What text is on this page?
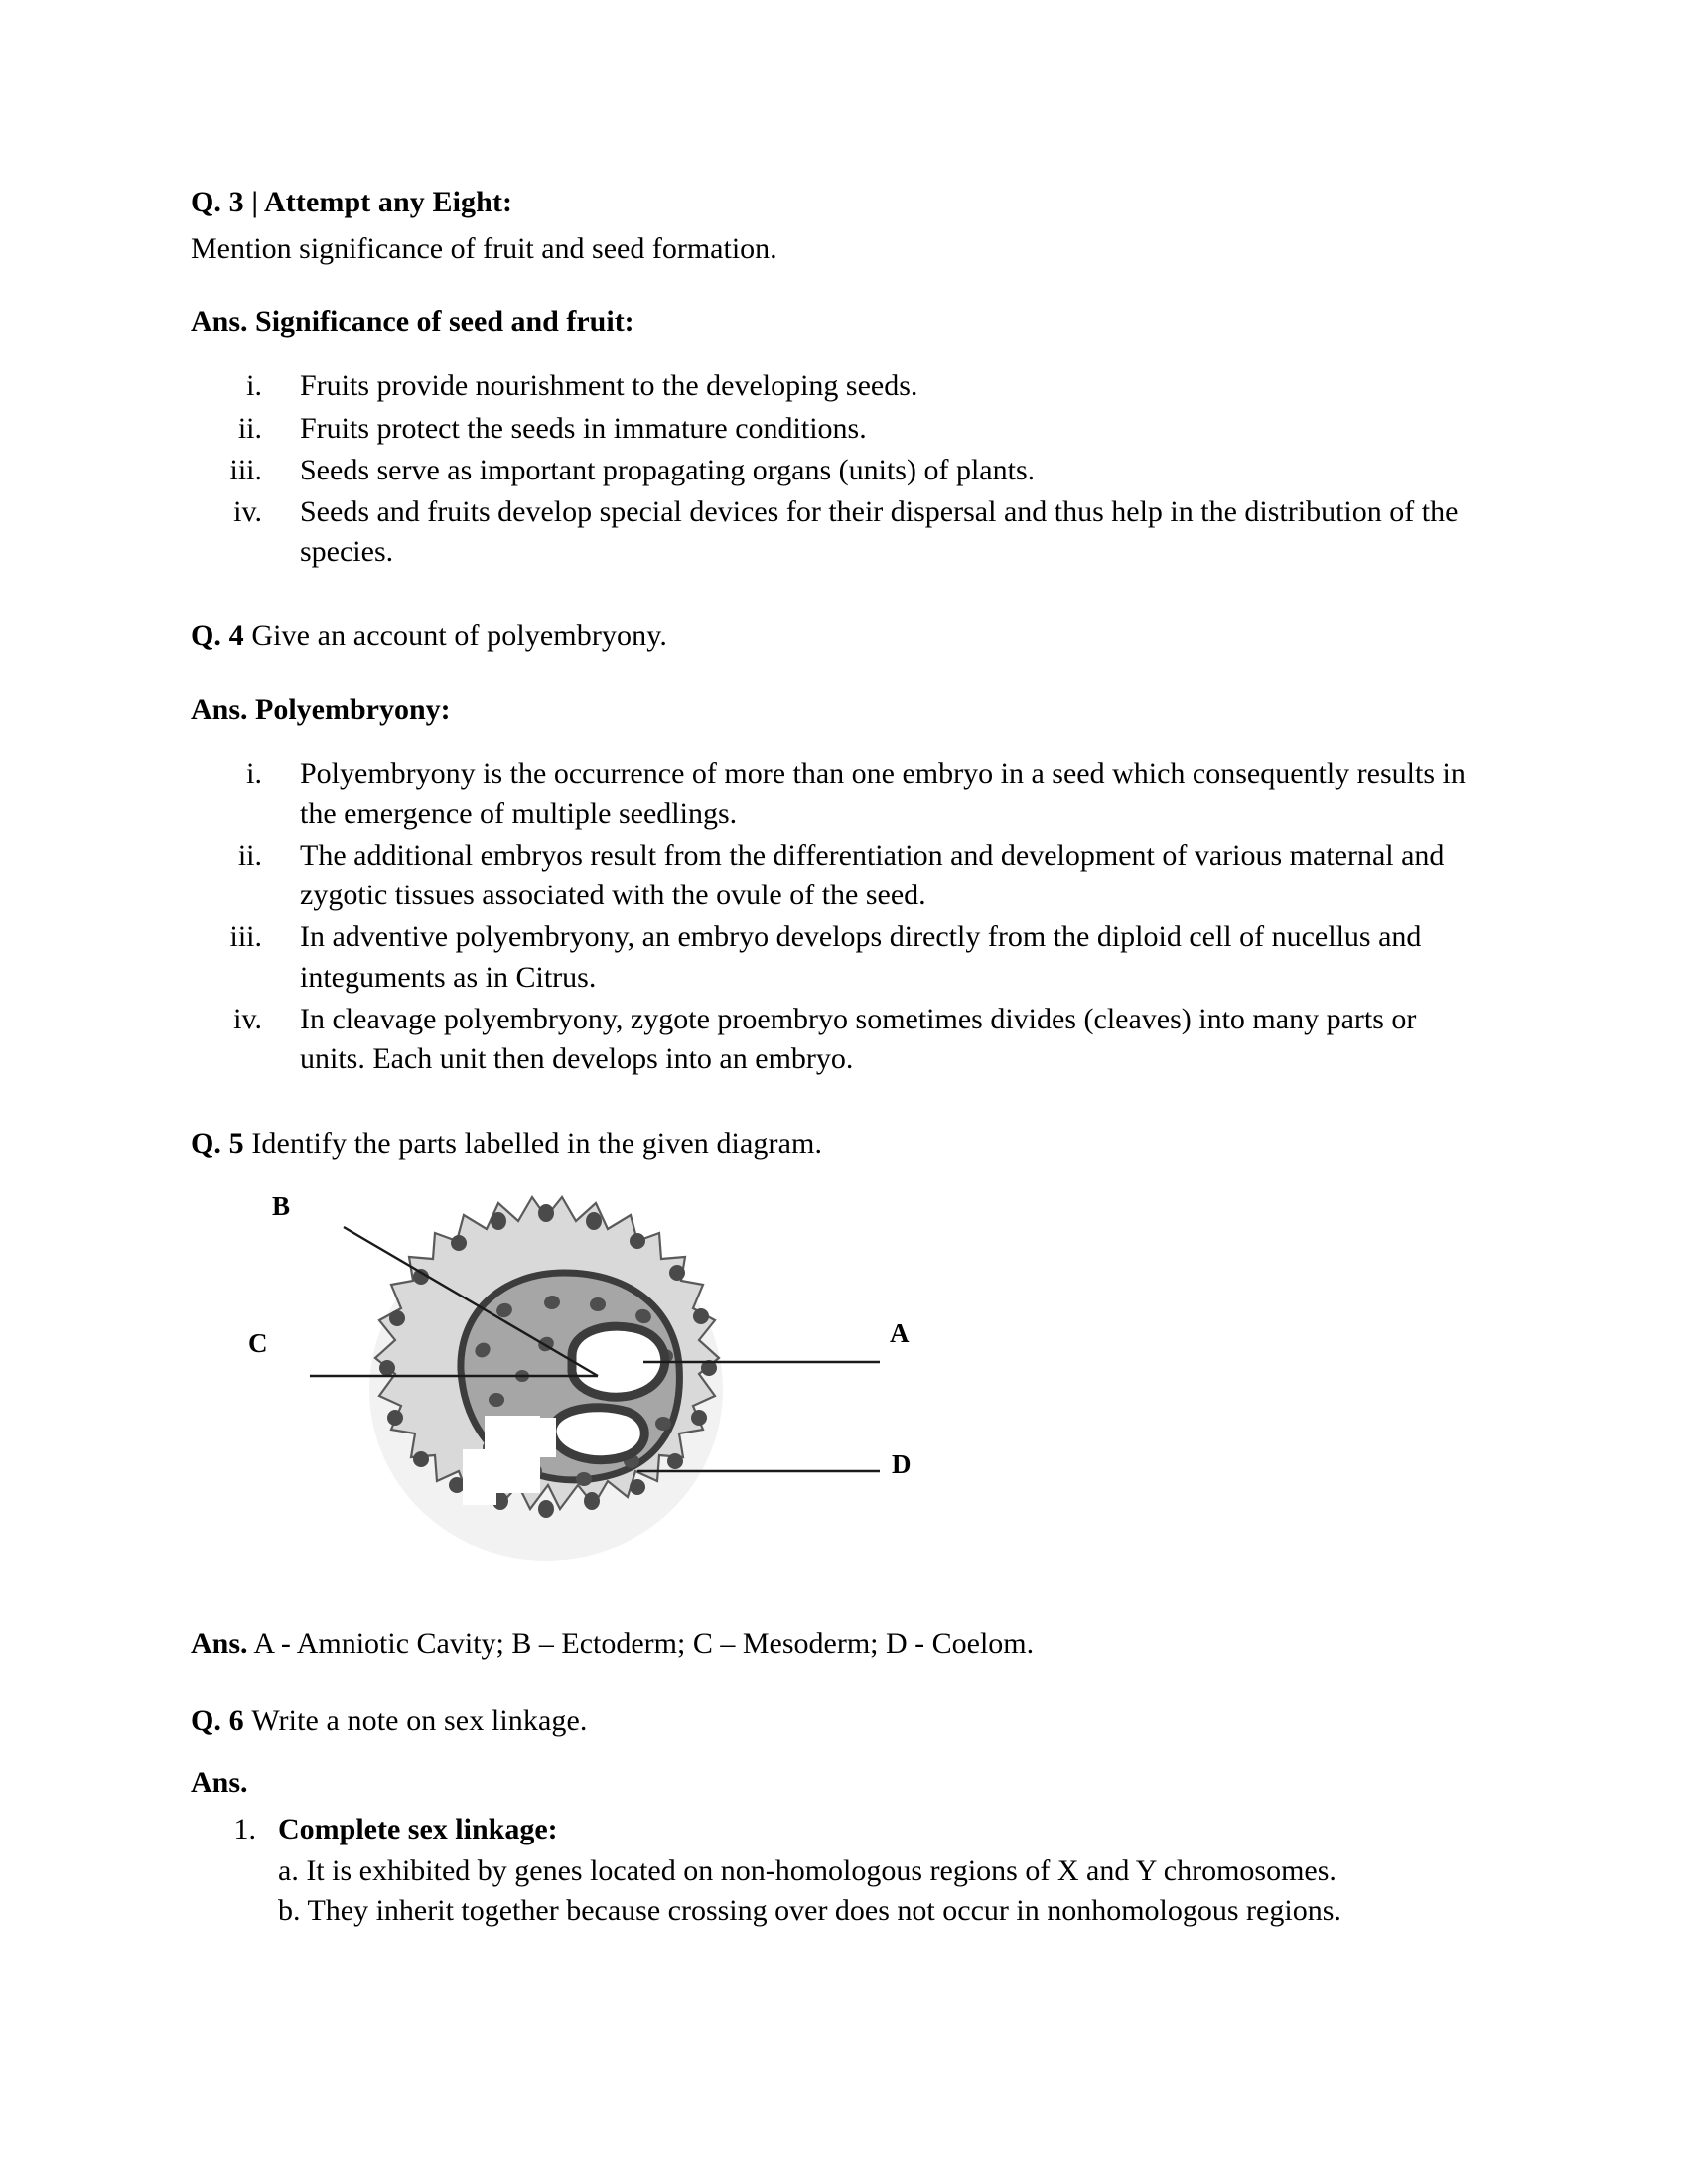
Q. 3 | Attempt any Eight:

Mention significance of fruit and seed formation.

Ans. Significance of seed and fruit:

i. Fruits provide nourishment to the developing seeds.
ii. Fruits protect the seeds in immature conditions.
iii. Seeds serve as important propagating organs (units) of plants.
iv. Seeds and fruits develop special devices for their dispersal and thus help in the distribution of the species.

Q. 4 Give an account of polyembryony.

Ans. Polyembryony:

i. Polyembryony is the occurrence of more than one embryo in a seed which consequently results in the emergence of multiple seedlings.
ii. The additional embryos result from the differentiation and development of various maternal and zygotic tissues associated with the ovule of the seed.
iii. In adventive polyembryony, an embryo develops directly from the diploid cell of nucellus and integuments as in Citrus.
iv. In cleavage polyembryony, zygote proembryo sometimes divides (cleaves) into many parts or units. Each unit then develops into an embryo.

Q. 5 Identify the parts labelled in the given diagram.

B
C	A
D

Ans. A - Amniotic Cavity; B – Ectoderm; C – Mesoderm; D - Coelom.

Q. 6 Write a note on sex linkage.

Ans.

1. Complete sex linkage:
a. It is exhibited by genes located on non-homologous regions of X and Y chromosomes.
b. They inherit together because crossing over does not occur in nonhomologous regions.
